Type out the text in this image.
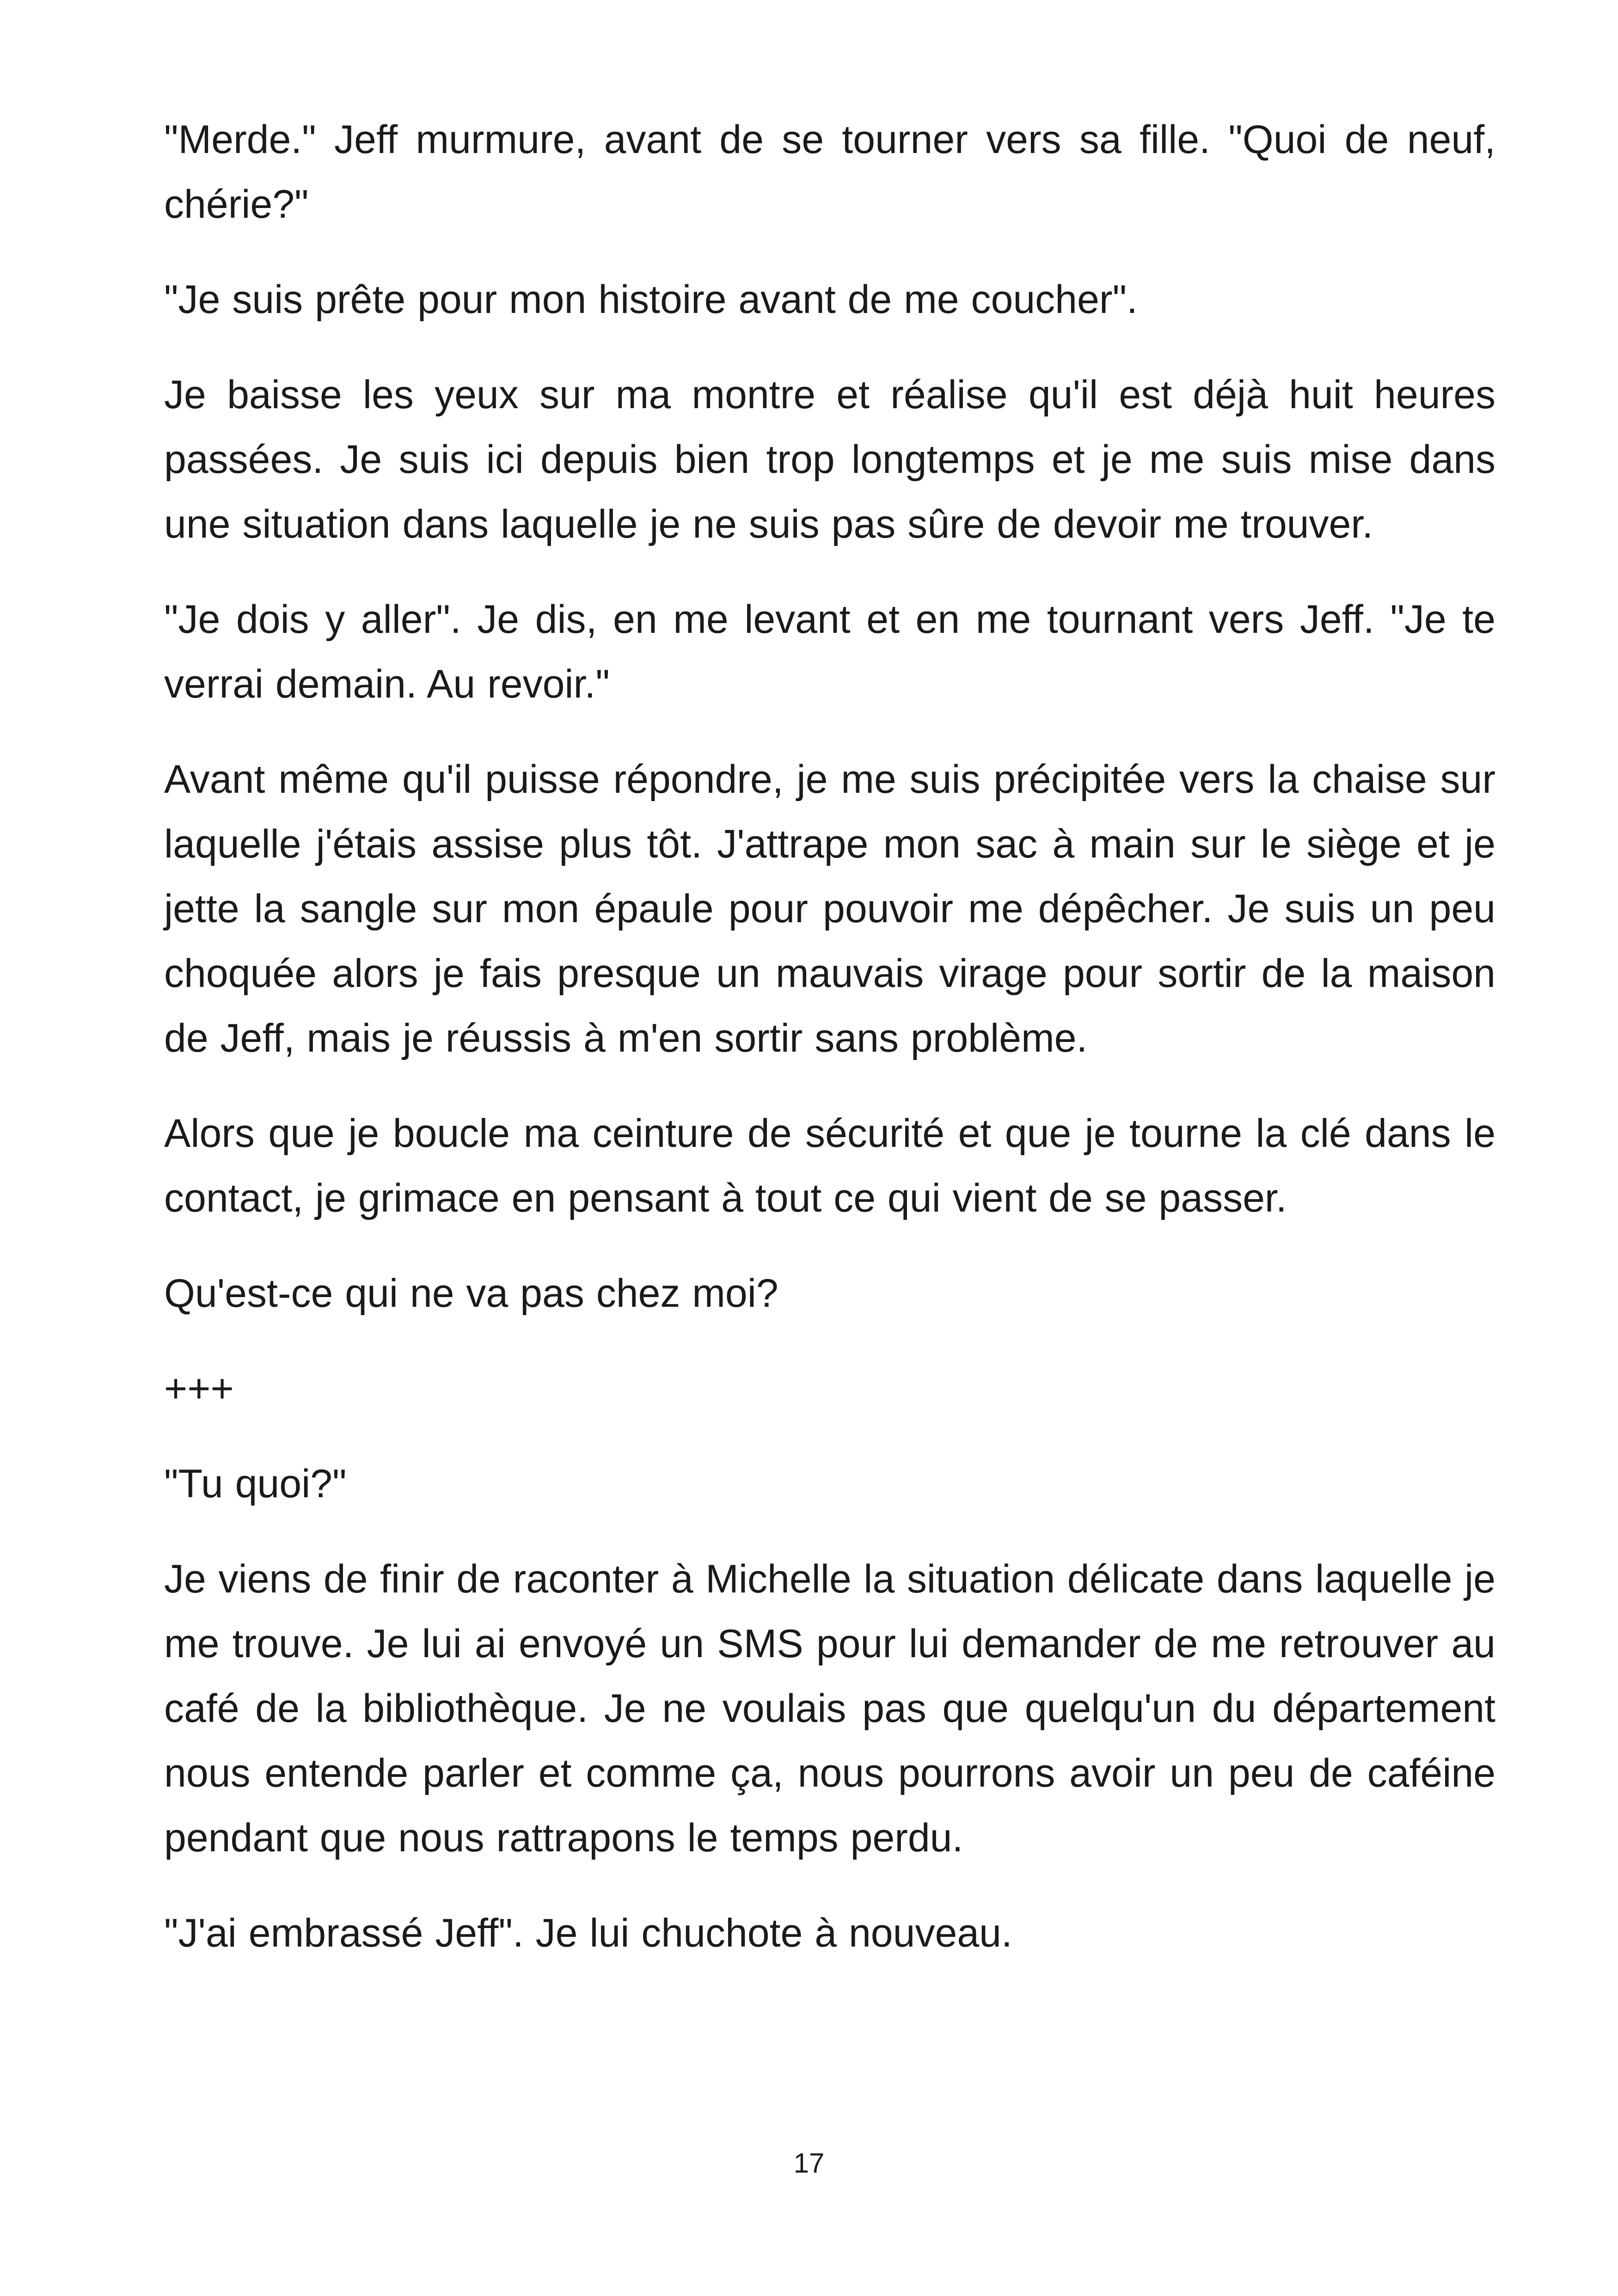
"Merde." Jeff murmure, avant de se tourner vers sa fille. "Quoi de neuf, chérie?"

"Je suis prête pour mon histoire avant de me coucher".

Je baisse les yeux sur ma montre et réalise qu'il est déjà huit heures passées. Je suis ici depuis bien trop longtemps et je me suis mise dans une situation dans laquelle je ne suis pas sûre de devoir me trouver.

"Je dois y aller". Je dis, en me levant et en me tournant vers Jeff. "Je te verrai demain. Au revoir."

Avant même qu'il puisse répondre, je me suis précipitée vers la chaise sur laquelle j'étais assise plus tôt. J'attrape mon sac à main sur le siège et je jette la sangle sur mon épaule pour pouvoir me dépêcher. Je suis un peu choquée alors je fais presque un mauvais virage pour sortir de la maison de Jeff, mais je réussis à m'en sortir sans problème.

Alors que je boucle ma ceinture de sécurité et que je tourne la clé dans le contact, je grimace en pensant à tout ce qui vient de se passer.

Qu'est-ce qui ne va pas chez moi?

+++

"Tu quoi?"

Je viens de finir de raconter à Michelle la situation délicate dans laquelle je me trouve. Je lui ai envoyé un SMS pour lui demander de me retrouver au café de la bibliothèque. Je ne voulais pas que quelqu'un du département nous entende parler et comme ça, nous pourrons avoir un peu de caféine pendant que nous rattrapons le temps perdu.

"J'ai embrassé Jeff". Je lui chuchote à nouveau.

17
